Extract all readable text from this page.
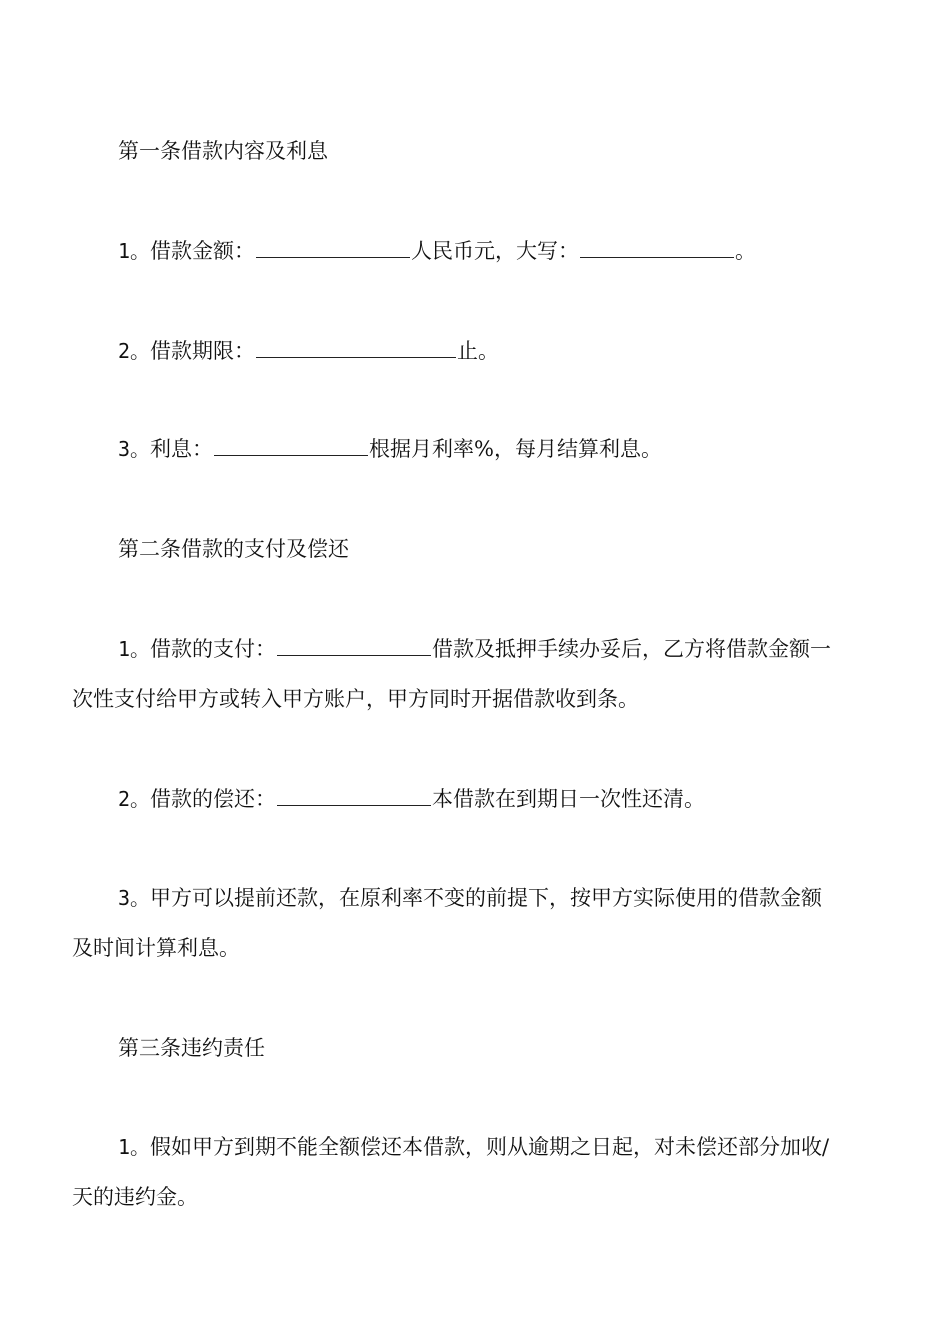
第一条借款内容及利息
1。借款金额：	人民币元，大写：	。
2。借款期限：	止。
3。利息：	根据月利率%，每月结算利息。
第二条借款的支付及偿还
1。借款的支付：	借款及抵押手续办妥后，乙方将借款金额一
次性支付给甲方或转入甲方账户，甲方同时开据借款收到条。
2。借款的偿还：	本借款在到期日一次性还清。
3。甲方可以提前还款，在原利率不变的前提下，按甲方实际使用的借款金额
及时间计算利息。
第三条违约责任
1。假如甲方到期不能全额偿还本借款，则从逾期之日起，对未偿还部分加收/
天的违约金。
